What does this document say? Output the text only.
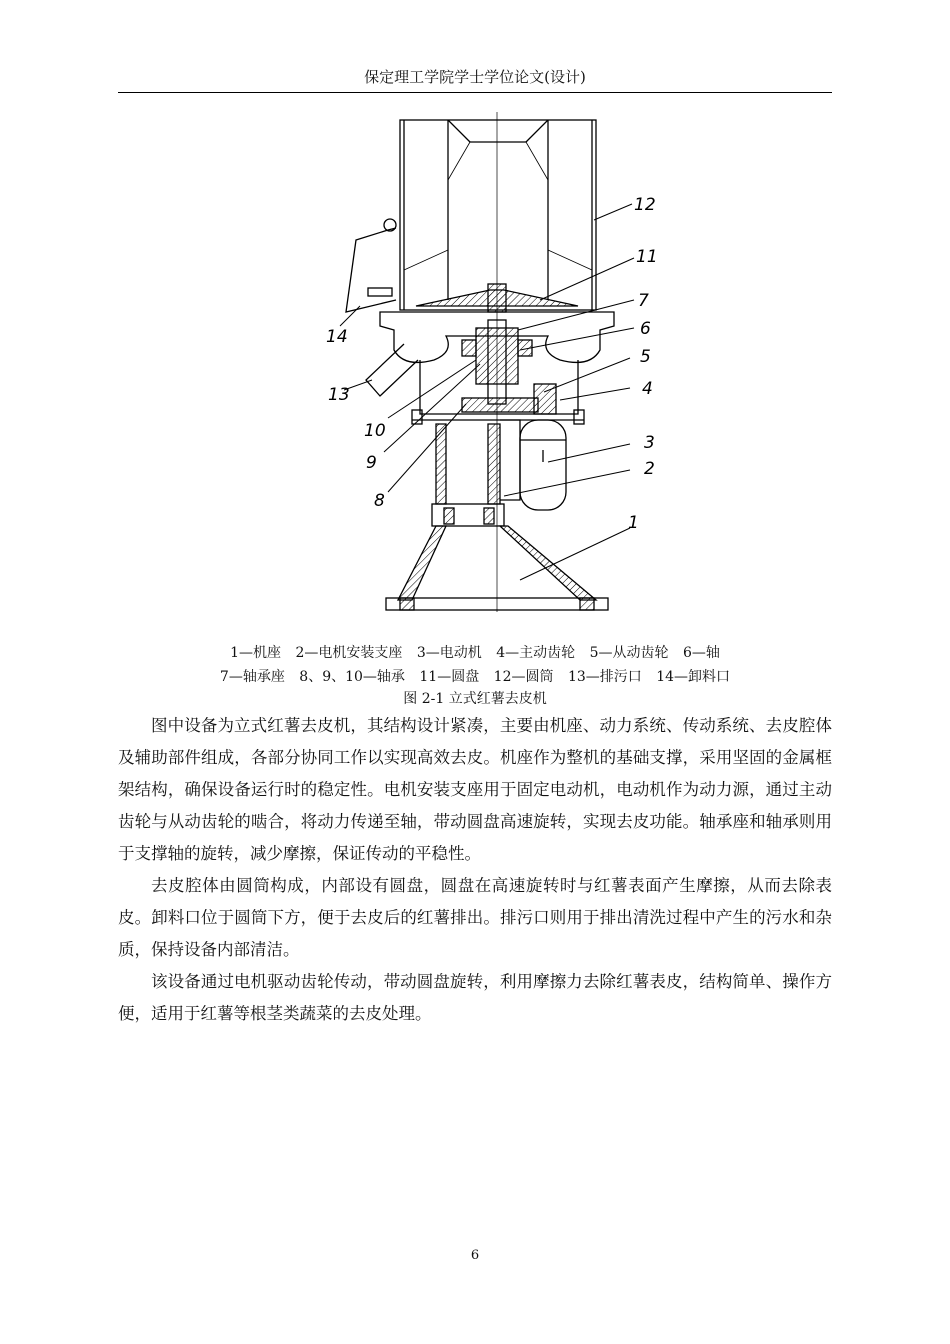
保定理工学院学士学位论文(设计)
12
11
7
6
5
4
3
2
1
14
13
10
9
8
1—机座 2—电机安装支座 3—电动机 4—主动齿轮 5—从动齿轮 6—轴
7—轴承座 8、9、10—轴承 11—圆盘 12—圆筒 13—排污口 14—卸料口
图 2-1 立式红薯去皮机

图中设备为立式红薯去皮机，其结构设计紧凑，主要由机座、动力系统、传动系统、去皮腔体及辅助部件组成，各部分协同工作以实现高效去皮。机座作为整机的基础支撑，采用坚固的金属框架结构，确保设备运行时的稳定性。电机安装支座用于固定电动机，电动机作为动力源，通过主动齿轮与从动齿轮的啮合，将动力传递至轴，带动圆盘高速旋转，实现去皮功能。轴承座和轴承则用于支撑轴的旋转，减少摩擦，保证传动的平稳性。

去皮腔体由圆筒构成，内部设有圆盘，圆盘在高速旋转时与红薯表面产生摩擦，从而去除表皮。卸料口位于圆筒下方，便于去皮后的红薯排出。排污口则用于排出清洗过程中产生的污水和杂质，保持设备内部清洁。

该设备通过电机驱动齿轮传动，带动圆盘旋转，利用摩擦力去除红薯表皮，结构简单、操作方便，适用于红薯等根茎类蔬菜的去皮处理。

6
